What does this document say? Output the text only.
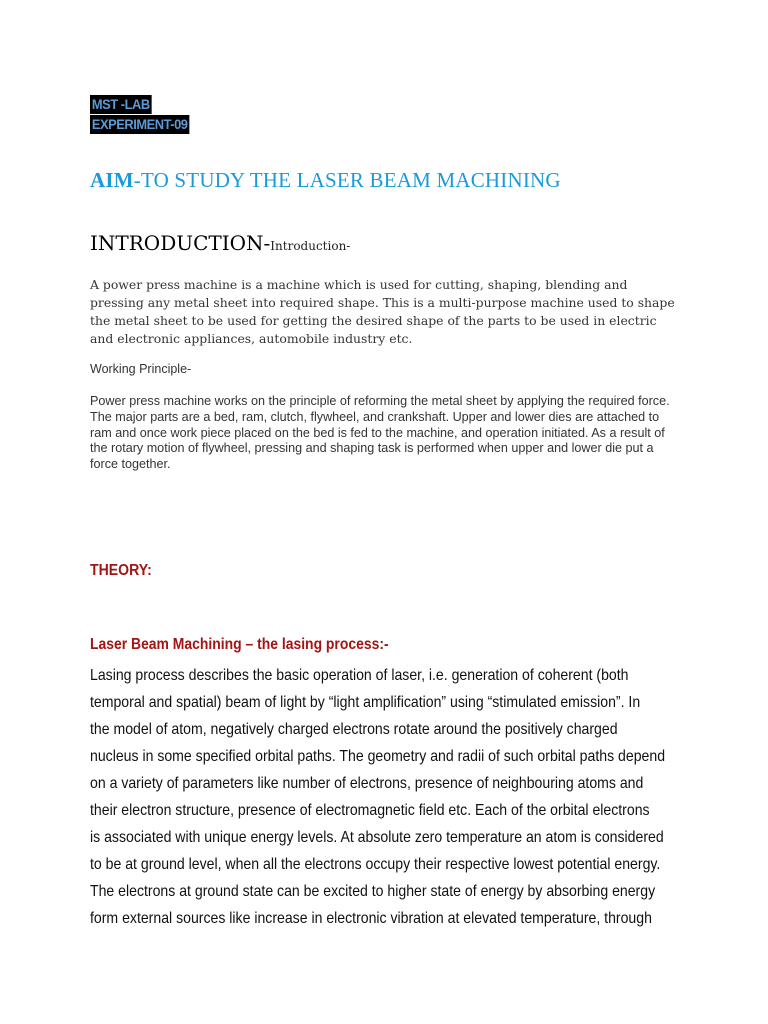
MST -LAB
EXPERIMENT-09
AIM-TO STUDY THE LASER BEAM MACHINING
INTRODUCTION-Introduction-

A power press machine is a machine which is used for cutting, shaping, blending and pressing any metal sheet into required shape. This is a multi-purpose machine used to shape the metal sheet to be used for getting the desired shape of the parts to be used in electric and electronic appliances, automobile industry etc.

Working Principle-

Power press machine works on the principle of reforming the metal sheet by applying the required force. The major parts are a bed, ram, clutch, flywheel, and crankshaft. Upper and lower dies are attached to ram and once work piece placed on the bed is fed to the machine, and operation initiated. As a result of the rotary motion of flywheel, pressing and shaping task is performed when upper and lower die put a force together.

THEORY:
Laser Beam Machining – the lasing process:-

Lasing process describes the basic operation of laser, i.e. generation of coherent (both
temporal and spatial) beam of light by “light amplification” using “stimulated emission”. In
the model of atom, negatively charged electrons rotate around the positively charged
nucleus in some specified orbital paths. The geometry and radii of such orbital paths depend
on a variety of parameters like number of electrons, presence of neighbouring atoms and
their electron structure, presence of electromagnetic field etc. Each of the orbital electrons
is associated with unique energy levels. At absolute zero temperature an atom is considered
to be at ground level, when all the electrons occupy their respective lowest potential energy.
The electrons at ground state can be excited to higher state of energy by absorbing energy
form external sources like increase in electronic vibration at elevated temperature, through
